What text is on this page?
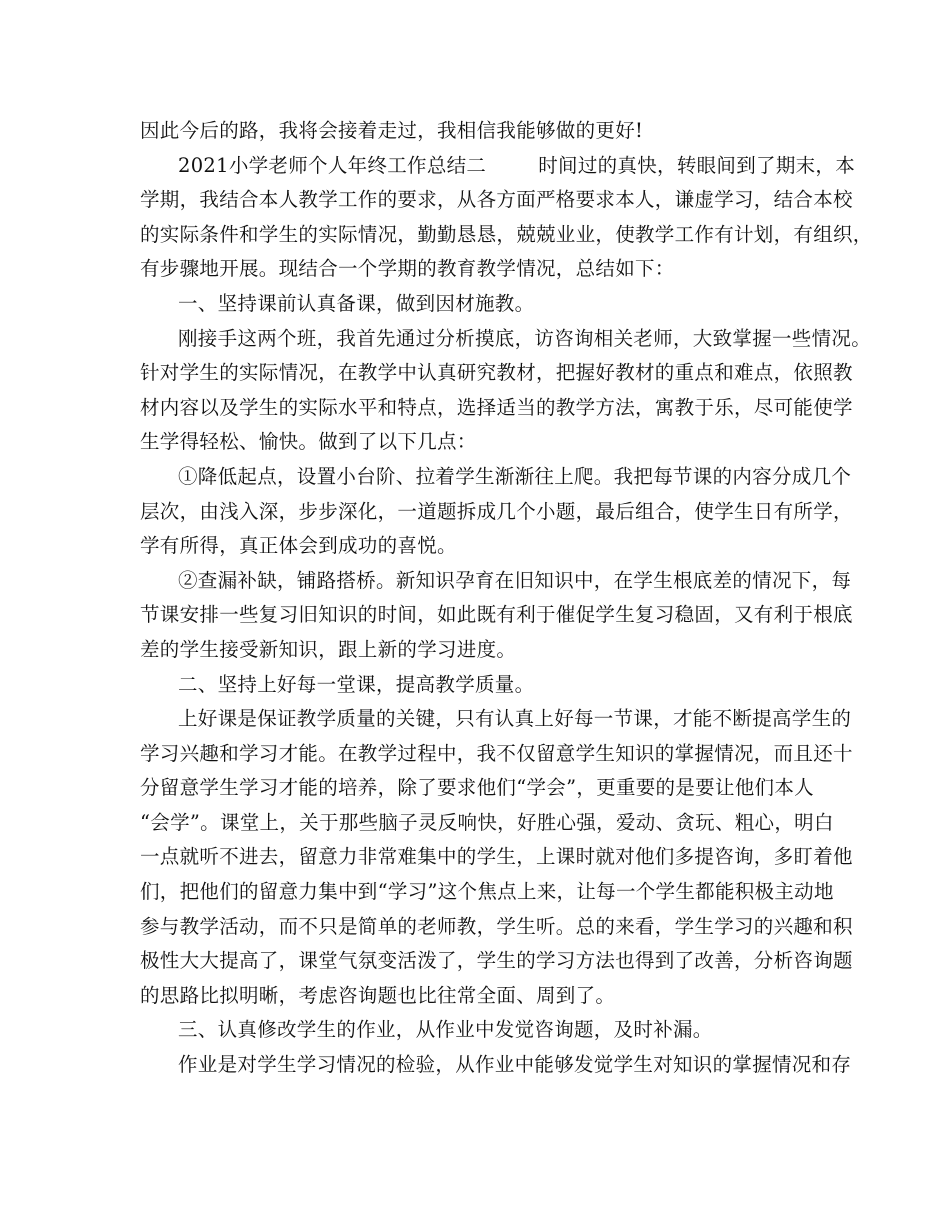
因此今后的路，我将会接着走过，我相信我能够做的更好!
2021小学老师个人年终工作总结二	时间过的真快，转眼间到了期末，本
学期，我结合本人教学工作的要求，从各方面严格要求本人，谦虚学习，结合本校
的实际条件和学生的实际情况，勤勤恳恳，兢兢业业，使教学工作有计划，有组织，
有步骤地开展。现结合一个学期的教育教学情况，总结如下：
一、坚持课前认真备课，做到因材施教。
刚接手这两个班，我首先通过分析摸底，访咨询相关老师，大致掌握一些情况。
针对学生的实际情况，在教学中认真研究教材，把握好教材的重点和难点，依照教
材内容以及学生的实际水平和特点，选择适当的教学方法，寓教于乐，尽可能使学
生学得轻松、愉快。做到了以下几点：
①降低起点，设置小台阶、拉着学生渐渐往上爬。我把每节课的内容分成几个
层次，由浅入深，步步深化，一道题拆成几个小题，最后组合，使学生日有所学，
学有所得，真正体会到成功的喜悦。
②查漏补缺，铺路搭桥。新知识孕育在旧知识中，在学生根底差的情况下，每
节课安排一些复习旧知识的时间，如此既有利于催促学生复习稳固，又有利于根底
差的学生接受新知识，跟上新的学习进度。
二、坚持上好每一堂课，提高教学质量。
上好课是保证教学质量的关键，只有认真上好每一节课，才能不断提高学生的
学习兴趣和学习才能。在教学过程中，我不仅留意学生知识的掌握情况，而且还十
分留意学生学习才能的培养，除了要求他们“学会”，更重要的是要让他们本人
“会学”。课堂上，关于那些脑子灵反响快，好胜心强，爱动、贪玩、粗心，明白
一点就听不进去，留意力非常难集中的学生，上课时就对他们多提咨询，多盯着他
们，把他们的留意力集中到“学习”这个焦点上来，让每一个学生都能积极主动地
参与教学活动，而不只是简单的老师教，学生听。总的来看，学生学习的兴趣和积
极性大大提高了，课堂气氛变活泼了，学生的学习方法也得到了改善，分析咨询题
的思路比拟明晰，考虑咨询题也比往常全面、周到了。
三、认真修改学生的作业，从作业中发觉咨询题，及时补漏。
作业是对学生学习情况的检验，从作业中能够发觉学生对知识的掌握情况和存
